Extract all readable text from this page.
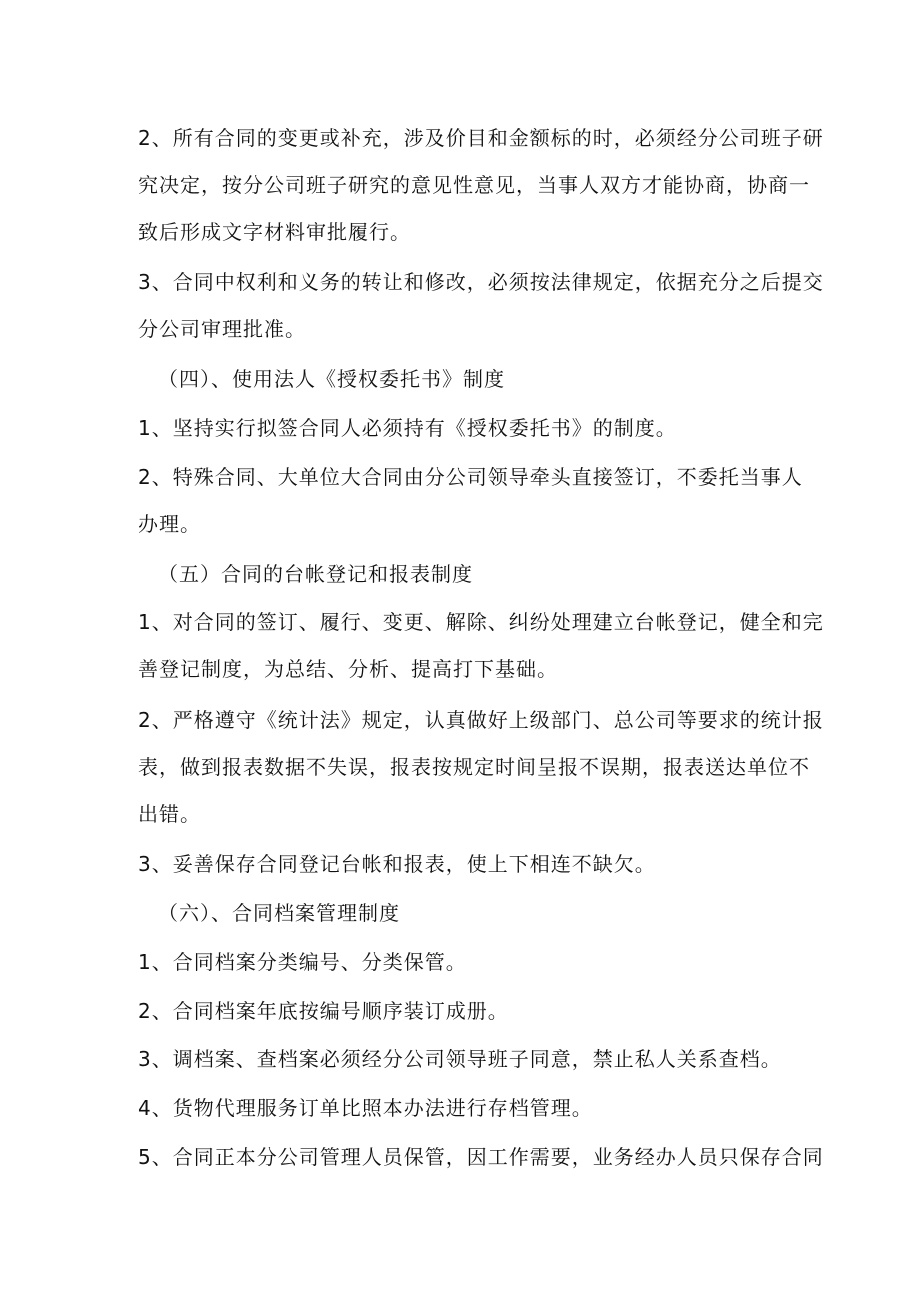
2、所有合同的变更或补充，涉及价目和金额标的时，必须经分公司班子研
究决定，按分公司班子研究的意见性意见，当事人双方才能协商，协商一
致后形成文字材料审批履行。
3、合同中权利和义务的转让和修改，必须按法律规定，依据充分之后提交
分公司审理批准。
（四）、使用法人《授权委托书》制度
1、坚持实行拟签合同人必须持有《授权委托书》的制度。
2、特殊合同、大单位大合同由分公司领导牵头直接签订，不委托当事人
办理。
（五）合同的台帐登记和报表制度
1、对合同的签订、履行、变更、解除、纠纷处理建立台帐登记，健全和完
善登记制度，为总结、分析、提高打下基础。
2、严格遵守《统计法》规定，认真做好上级部门、总公司等要求的统计报
表，做到报表数据不失误，报表按规定时间呈报不误期，报表送达单位不
出错。
3、妥善保存合同登记台帐和报表，使上下相连不缺欠。
（六）、合同档案管理制度
1、合同档案分类编号、分类保管。
2、合同档案年底按编号顺序装订成册。
3、调档案、查档案必须经分公司领导班子同意，禁止私人关系查档。
4、货物代理服务订单比照本办法进行存档管理。
5、合同正本分公司管理人员保管，因工作需要，业务经办人员只保存合同
